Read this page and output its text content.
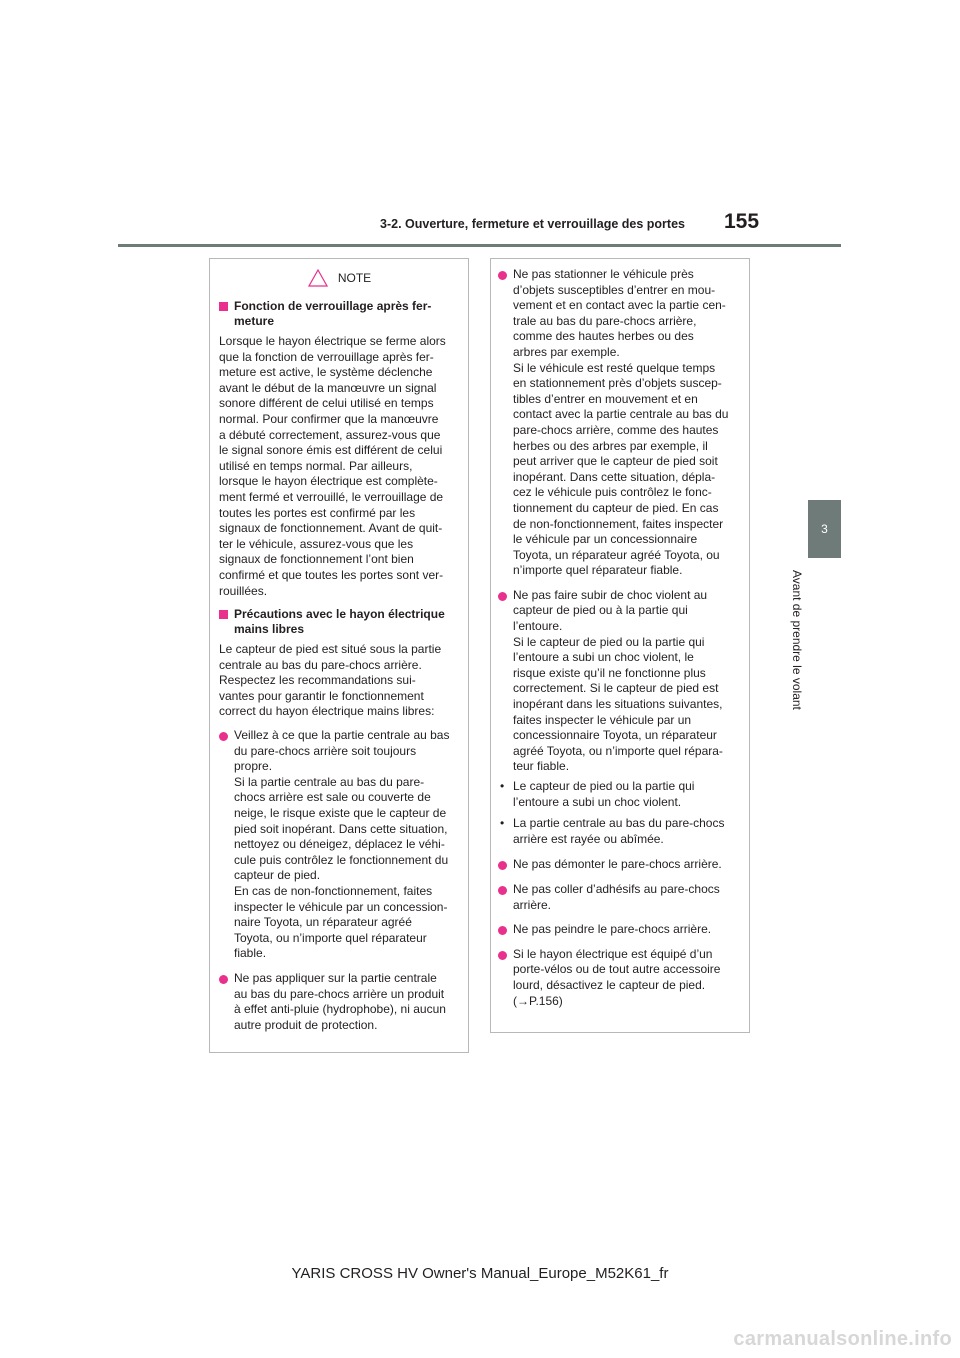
3-2. Ouverture, fermeture et verrouillage des portes	155
3
Avant de prendre le volant
NOTE
Fonction de verrouillage après fer-
meture

Lorsque le hayon électrique se ferme alors
que la fonction de verrouillage après fer-
meture est active, le système déclenche
avant le début de la manœuvre un signal
sonore différent de celui utilisé en temps
normal. Pour confirmer que la manœuvre
a débuté correctement, assurez-vous que
le signal sonore émis est différent de celui
utilisé en temps normal. Par ailleurs,
lorsque le hayon électrique est complète-
ment fermé et verrouillé, le verrouillage de
toutes les portes est confirmé par les
signaux de fonctionnement. Avant de quit-
ter le véhicule, assurez-vous que les
signaux de fonctionnement l’ont bien
confirmé et que toutes les portes sont ver-
rouillées.

Précautions avec le hayon électrique
mains libres

Le capteur de pied est situé sous la partie
centrale au bas du pare-chocs arrière.
Respectez les recommandations sui-
vantes pour garantir le fonctionnement
correct du hayon électrique mains libres:

Veillez à ce que la partie centrale au bas
du pare-chocs arrière soit toujours
propre.
Si la partie centrale au bas du pare-
chocs arrière est sale ou couverte de
neige, le risque existe que le capteur de
pied soit inopérant. Dans cette situation,
nettoyez ou déneigez, déplacez le véhi-
cule puis contrôlez le fonctionnement du
capteur de pied.
En cas de non-fonctionnement, faites
inspecter le véhicule par un concession-
naire Toyota, un réparateur agréé
Toyota, ou n’importe quel réparateur
fiable.
Ne pas appliquer sur la partie centrale
au bas du pare-chocs arrière un produit
à effet anti-pluie (hydrophobe), ni aucun
autre produit de protection.
Ne pas stationner le véhicule près
d’objets susceptibles d’entrer en mou-
vement et en contact avec la partie cen-
trale au bas du pare-chocs arrière,
comme des hautes herbes ou des
arbres par exemple.
Si le véhicule est resté quelque temps
en stationnement près d’objets suscep-
tibles d’entrer en mouvement et en
contact avec la partie centrale au bas du
pare-chocs arrière, comme des hautes
herbes ou des arbres par exemple, il
peut arriver que le capteur de pied soit
inopérant. Dans cette situation, dépla-
cez le véhicule puis contrôlez le fonc-
tionnement du capteur de pied. En cas
de non-fonctionnement, faites inspecter
le véhicule par un concessionnaire
Toyota, un réparateur agréé Toyota, ou
n’importe quel réparateur fiable.
Ne pas faire subir de choc violent au
capteur de pied ou à la partie qui
l’entoure.
Si le capteur de pied ou la partie qui
l’entoure a subi un choc violent, le
risque existe qu’il ne fonctionne plus
correctement. Si le capteur de pied est
inopérant dans les situations suivantes,
faites inspecter le véhicule par un
concessionnaire Toyota, un réparateur
agréé Toyota, ou n’importe quel répara-
teur fiable.
• Le capteur de pied ou la partie qui
l’entoure a subi un choc violent.
• La partie centrale au bas du pare-chocs
arrière est rayée ou abîmée.
Ne pas démonter le pare-chocs arrière.
Ne pas coller d’adhésifs au pare-chocs
arrière.
Ne pas peindre le pare-chocs arrière.
Si le hayon électrique est équipé d’un
porte-vélos ou de tout autre accessoire
lourd, désactivez le capteur de pied.
(→P.156)
YARIS CROSS HV Owner's Manual_Europe_M52K61_fr
carmanualsonline.info
